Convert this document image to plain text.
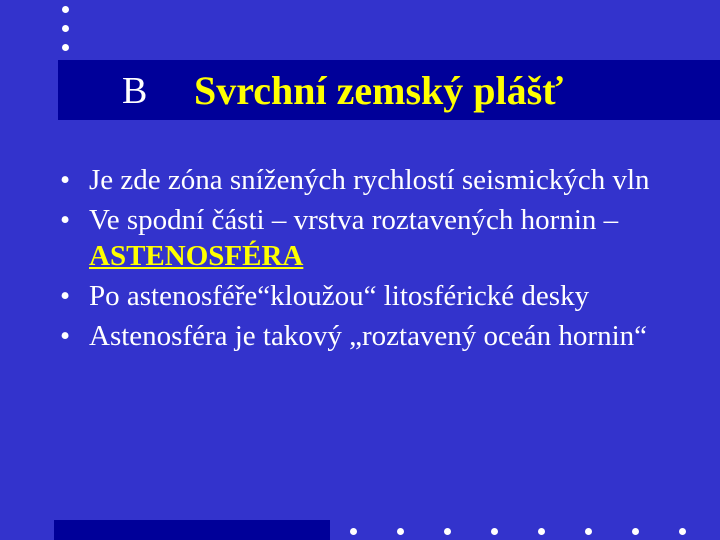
B Svrchní zemský plášť
• Je zde zóna snížených rychlostí seismických vln
• Ve spodní části – vrstva roztavených hornin – ASTENOSFÉRA
• Po astenosféře“kloužou“ litosférické desky
• Astenosféra je takový „roztavený oceán hornin“
